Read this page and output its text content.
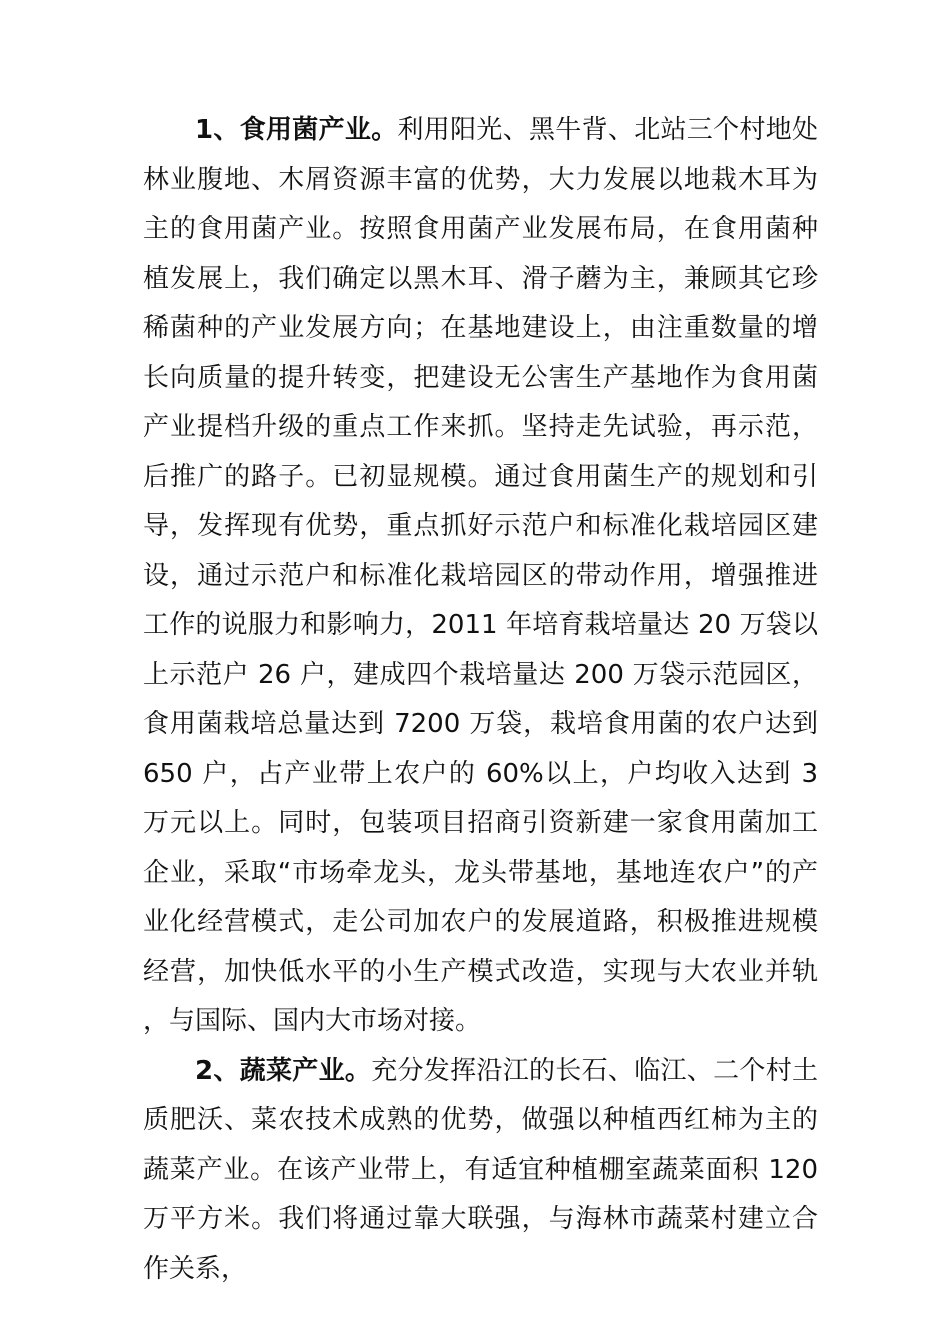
1、食用菌产业。利用阳光、黑牛背、北站三个村地处林业腹地、木屑资源丰富的优势，大力发展以地栽木耳为主的食用菌产业。按照食用菌产业发展布局，在食用菌种植发展上，我们确定以黑木耳、滑子蘑为主，兼顾其它珍稀菌种的产业发展方向；在基地建设上，由注重数量的增长向质量的提升转变，把建设无公害生产基地作为食用菌产业提档升级的重点工作来抓。坚持走先试验，再示范，后推广的路子。已初显规模。通过食用菌生产的规划和引导，发挥现有优势，重点抓好示范户和标准化栽培园区建设，通过示范户和标准化栽培园区的带动作用，增强推进工作的说服力和影响力，2011 年培育栽培量达 20 万袋以上示范户 26 户，建成四个栽培量达 200 万袋示范园区，食用菌栽培总量达到 7200 万袋，栽培食用菌的农户达到 650 户，占产业带上农户的 60%以上，户均收入达到 3 万元以上。同时，包装项目招商引资新建一家食用菌加工企业，采取“市场牵龙头，龙头带基地，基地连农户”的产业化经营模式，走公司加农户的发展道路，积极推进规模经营，加快低水平的小生产模式改造，实现与大农业并轨，与国际、国内大市场对接。

2、蔬菜产业。充分发挥沿江的长石、临江、二个村土质肥沃、菜农技术成熟的优势，做强以种植西红柿为主的蔬菜产业。在该产业带上，有适宜种植棚室蔬菜面积 120 万平方米。我们将通过靠大联强，与海林市蔬菜村建立合作关系，
